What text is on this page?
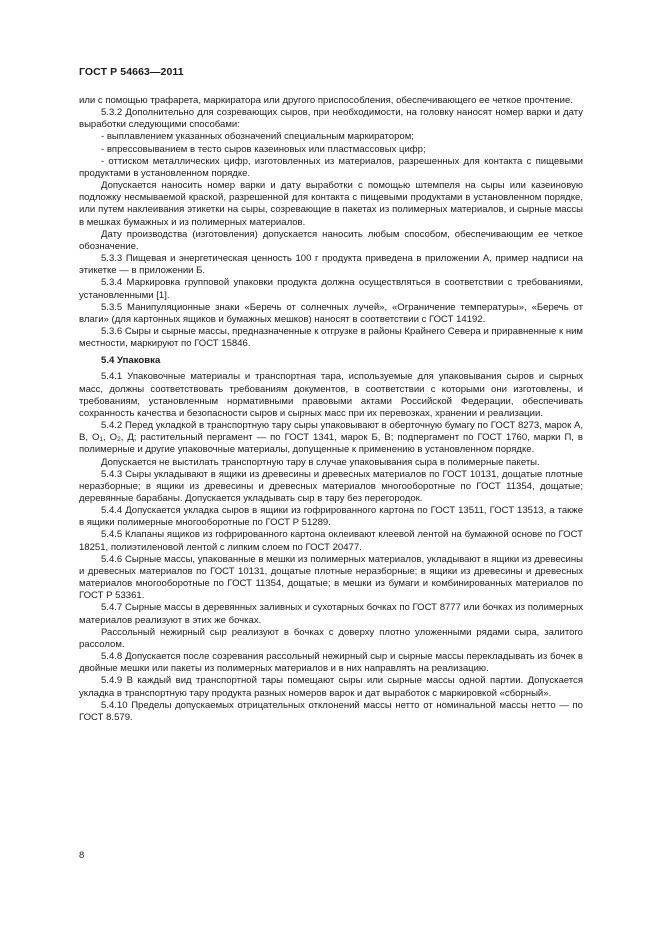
ГОСТ Р 54663—2011

или с помощью трафарета, маркиратора или другого приспособления, обеспечивающего ее четкое прочтение.

5.3.2 Дополнительно для созревающих сыров, при необходимости, на головку наносят номер варки и дату выработки следующими способами:

- выплавлением указанных обозначений специальным маркиратором;

- впрессовыванием в тесто сыров казеиновых или пластмассовых цифр;

- оттиском металлических цифр, изготовленных из материалов, разрешенных для контакта с пищевыми продуктами в установленном порядке.

Допускается наносить номер варки и дату выработки с помощью штемпеля на сыры или казеиновую подложку несмываемой краской, разрешенной для контакта с пищевыми продуктами в установленном порядке, или путем наклеивания этикетки на сыры, созревающие в пакетах из полимерных материалов, и сырные массы в мешках бумажных и из полимерных материалов.

Дату производства (изготовления) допускается наносить любым способом, обеспечивающим ее четкое обозначение.

5.3.3 Пищевая и энергетическая ценность 100 г продукта приведена в приложении А, пример надписи на этикетке — в приложении Б.

5.3.4 Маркировка групповой упаковки продукта должна осуществляться в соответствии с требованиями, установленными [1].

5.3.5 Манипуляционные знаки «Беречь от солнечных лучей», «Ограничение температуры», «Беречь от влаги» (для картонных ящиков и бумажных мешков) наносят в соответствии с ГОСТ 14192.

5.3.6 Сыры и сырные массы, предназначенные к отгрузке в районы Крайнего Севера и приравненные к ним местности, маркируют по ГОСТ 15846.

5.4 Упаковка

5.4.1 Упаковочные материалы и транспортная тара, используемые для упаковывания сыров и сырных масс, должны соответствовать требованиям документов, в соответствии с которыми они изготовлены, и требованиям, установленным нормативными правовыми актами Российской Федерации, обеспечивать сохранность качества и безопасности сыров и сырных масс при их перевозках, хранении и реализации.

5.4.2 Перед укладкой в транспортную тару сыры упаковывают в оберточную бумагу по ГОСТ 8273, марок А, В, $О_1$, $О_2$, Д; растительный пергамент — по ГОСТ 1341, марок Б, В; подпергамент по ГОСТ 1760, марки П, в полимерные и другие упаковочные материалы, допущенные к применению в установленном порядке.

Допускается не выстилать транспортную тару в случае упаковывания сыра в полимерные пакеты.

5.4.3 Сыры укладывают в ящики из древесины и древесных материалов по ГОСТ 10131, дощатые плотные неразборные; в ящики из древесины и древесных материалов многооборотные по ГОСТ 11354, дощатые; деревянные барабаны. Допускается укладывать сыр в тару без перегородок.

5.4.4 Допускается укладка сыров в ящики из гофрированного картона по ГОСТ 13511, ГОСТ 13513, а также в ящики полимерные многооборотные по ГОСТ Р 51289.

5.4.5 Клапаны ящиков из гофрированного картона оклеивают клеевой лентой на бумажной основе по ГОСТ 18251, полиэтиленовой лентой с липким слоем по ГОСТ 20477.

5.4.6 Сырные массы, упакованные в мешки из полимерных материалов, укладывают в ящики из древесины и древесных материалов по ГОСТ 10131, дощатые плотные неразборные; в ящики из древесины и древесных материалов многооборотные по ГОСТ 11354, дощатые; в мешки из бумаги и комбинированных материалов по ГОСТ Р 53361.

5.4.7 Сырные массы в деревянных заливных и сухотарных бочках по ГОСТ 8777 или бочках из полимерных материалов реализуют в этих же бочках.

Рассольный нежирный сыр реализуют в бочках с доверху плотно уложенными рядами сыра, залитого рассолом.

5.4.8 Допускается после созревания рассольный нежирный сыр и сырные массы перекладывать из бочек в двойные мешки или пакеты из полимерных материалов и в них направлять на реализацию.

5.4.9 В каждый вид транспортной тары помещают сыры или сырные массы одной партии. Допускается укладка в транспортную тару продукта разных номеров варок и дат выработок с маркировкой «сборный».

5.4.10 Пределы допускаемых отрицательных отклонений массы нетто от номинальной массы нетто — по ГОСТ 8.579.

8
